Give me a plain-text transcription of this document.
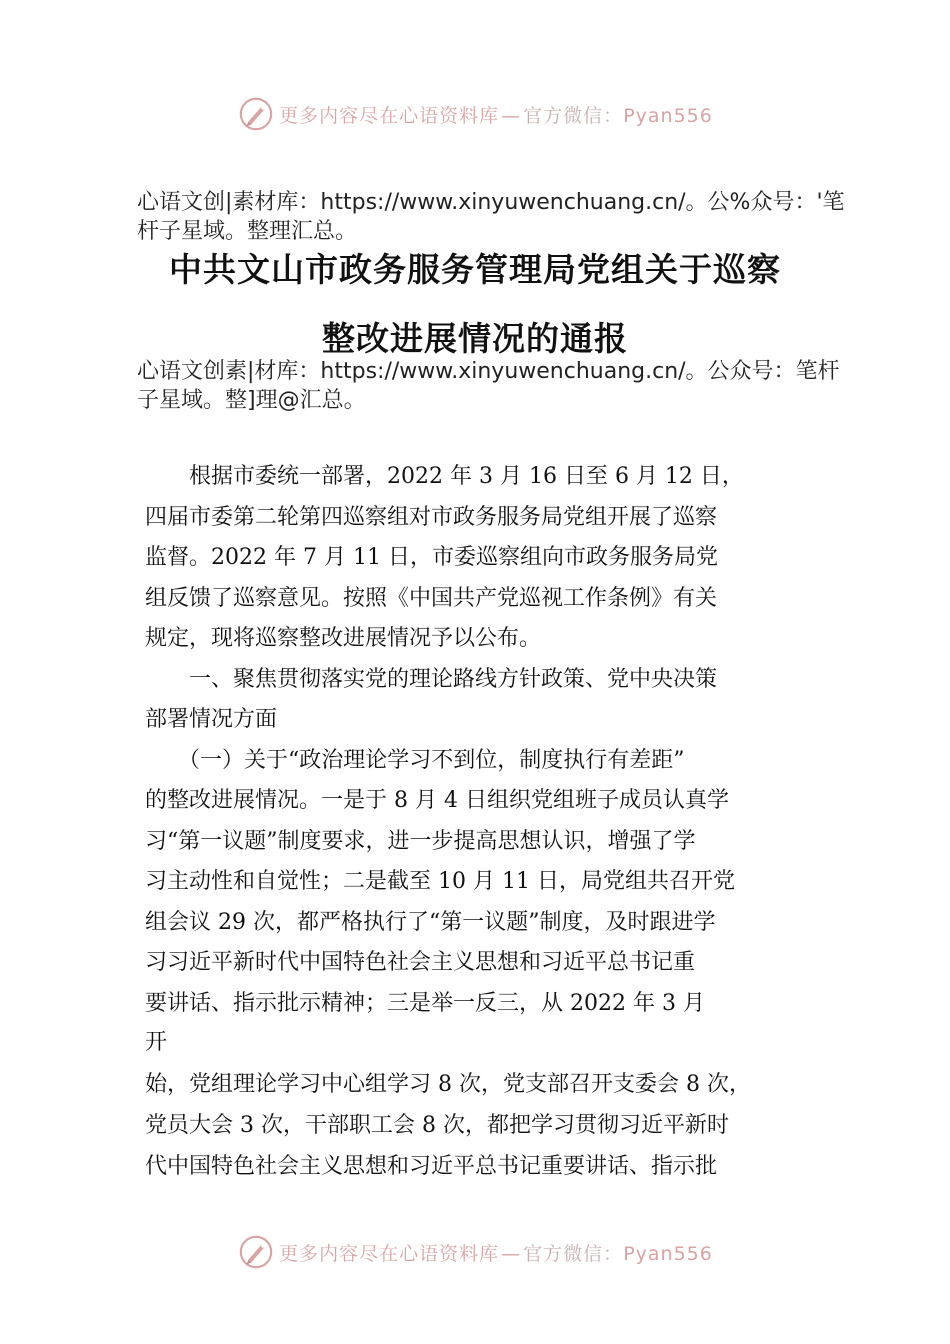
更多内容尽在心语资料库 — 官方微信：Pyan556
心语文创|素材库：https://www.xinyuwenchuang.cn/。公%众号：'笔杆子星域。整理汇总。
中共文山市政务服务管理局党组关于巡察
整改进展情况的通报
心语文创素|材库：https://www.xinyuwenchuang.cn/。公众号：笔杆子星域。整]理@汇总。
　　根据市委统一部署，2022 年 3 月 16 日至 6 月 12 日，
四届市委第二轮第四巡察组对市政务服务局党组开展了巡察
监督。2022 年 7 月 11 日，市委巡察组向市政务服务局党
组反馈了巡察意见。按照《中国共产党巡视工作条例》有关
规定，现将巡察整改进展情况予以公布。
　　一、聚焦贯彻落实党的理论路线方针政策、党中央决策
部署情况方面
　　（一）关于“政治理论学习不到位，制度执行有差距”
的整改进展情况。一是于 8 月 4 日组织党组班子成员认真学
习“第一议题”制度要求，进一步提高思想认识，增强了学
习主动性和自觉性；二是截至 10 月 11 日，局党组共召开党
组会议 29 次，都严格执行了“第一议题”制度，及时跟进学
习习近平新时代中国特色社会主义思想和习近平总书记重
要讲话、指示批示精神；三是举一反三，从 2022 年 3 月
开
始，党组理论学习中心组学习 8 次，党支部召开支委会 8 次，
党员大会 3 次，干部职工会 8 次，都把学习贯彻习近平新时
代中国特色社会主义思想和习近平总书记重要讲话、指示批
更多内容尽在心语资料库 — 官方微信：Pyan556
